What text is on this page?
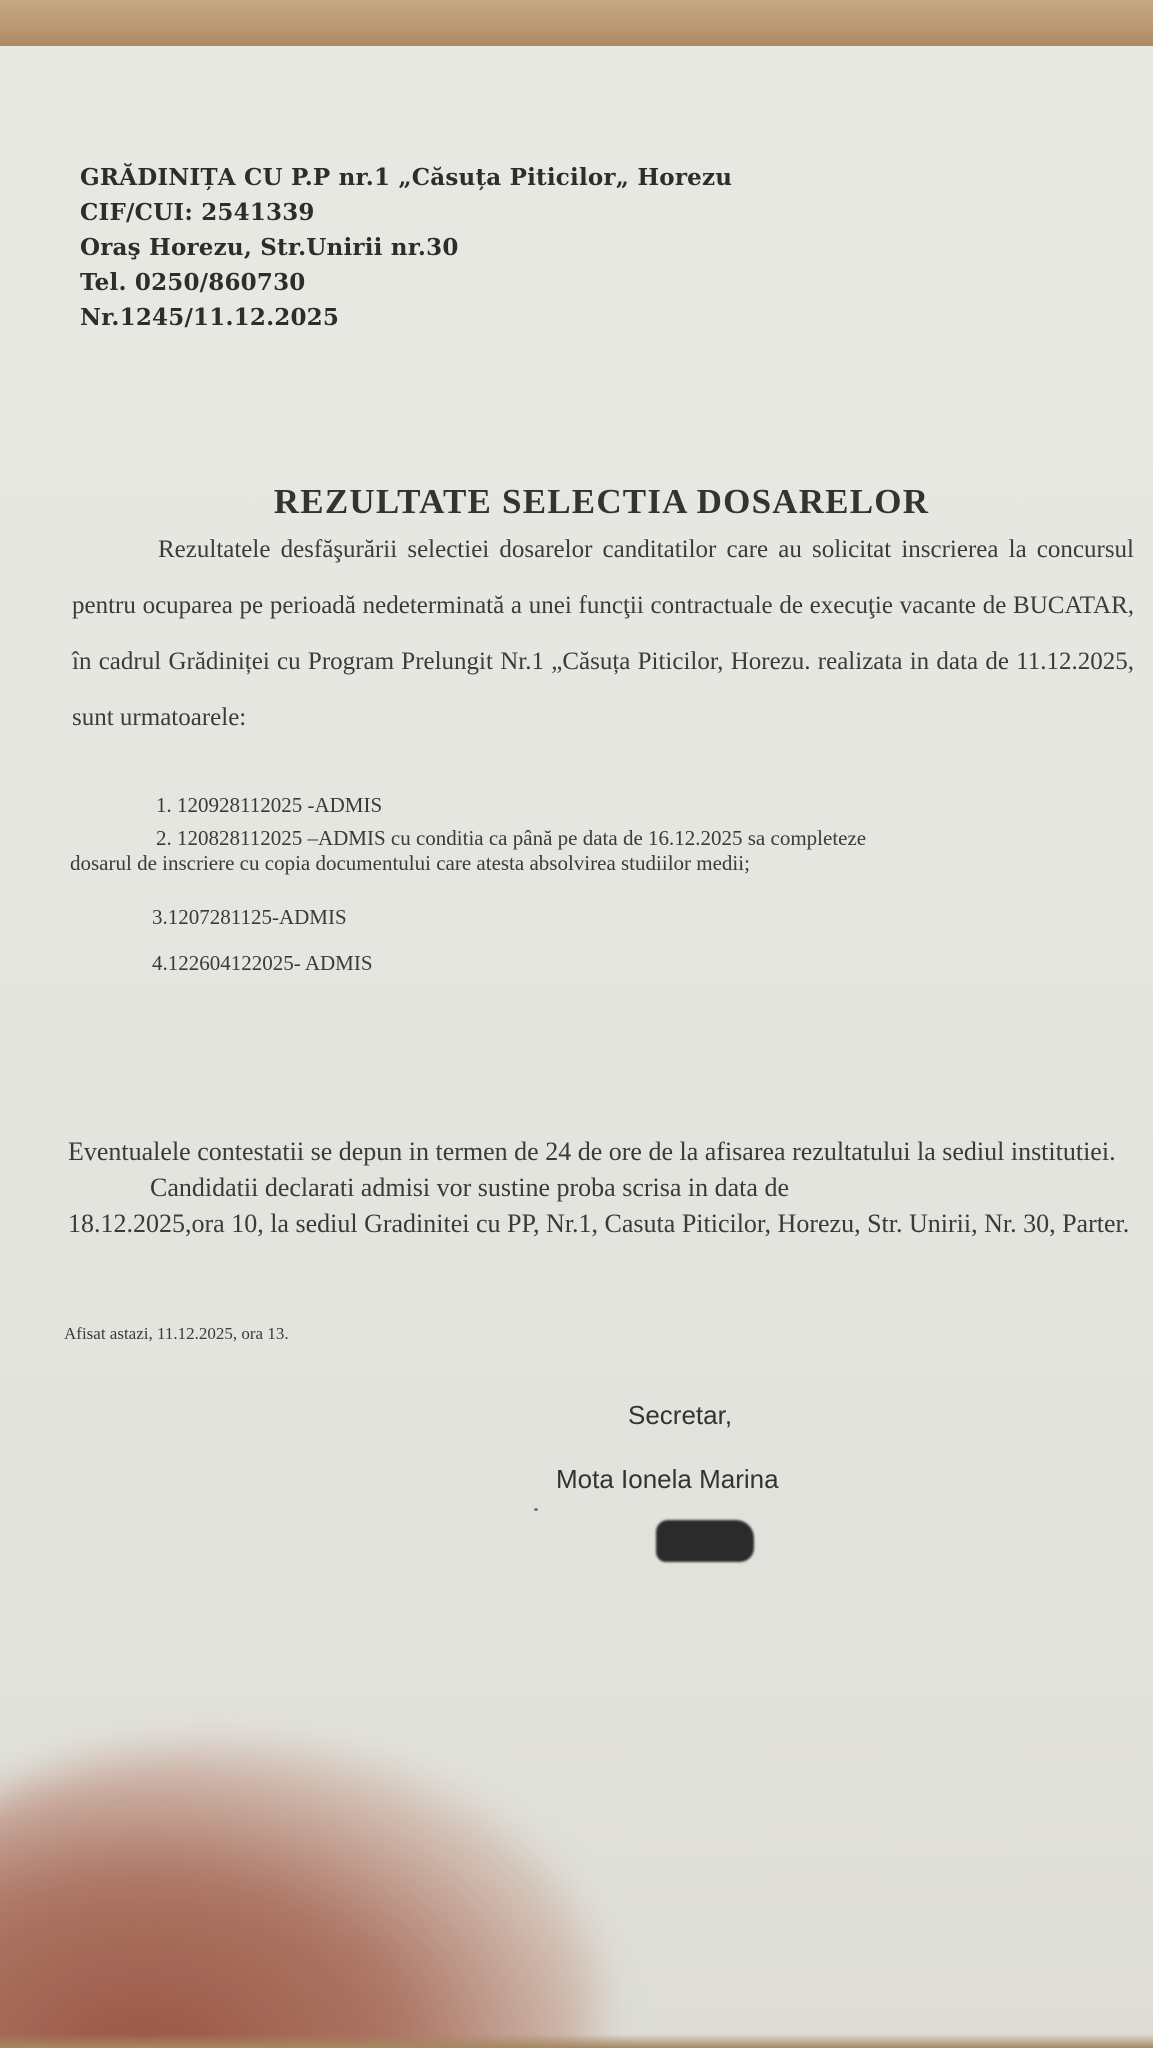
GRĂDINIȚA CU P.P nr.1 „Căsuța Piticilor„ Horezu
CIF/CUI: 2541339
Oraş Horezu, Str.Unirii nr.30
Tel. 0250/860730
Nr.1245/11.12.2025
REZULTATE SELECTIA DOSARELOR
Rezultatele desfăşurării selectiei dosarelor canditatilor care au solicitat inscrierea la concursul pentru ocuparea pe perioadă nedeterminată a unei funcţii contractuale de execuţie vacante de BUCATAR, în cadrul Grădiniței cu Program Prelungit Nr.1 „Căsuța Piticilor, Horezu. realizata in data de 11.12.2025, sunt urmatoarele:
1. 120928112025 -ADMIS
2. 120828112025 –ADMIS cu conditia ca până pe data de 16.12.2025 sa completeze
dosarul de inscriere cu copia documentului care atesta absolvirea studiilor medii;
3.1207281125-ADMIS
4.122604122025- ADMIS
Eventualele contestatii se depun in termen de 24 de ore de la afisarea rezultatului la sediul institutiei.
Candidatii declarati admisi vor sustine proba scrisa in data de
18.12.2025,ora 10, la sediul Gradinitei cu PP, Nr.1, Casuta Piticilor, Horezu, Str. Unirii, Nr. 30, Parter.
Afisat astazi, 11.12.2025, ora 13.
Secretar,
Mota Ionela Marina
